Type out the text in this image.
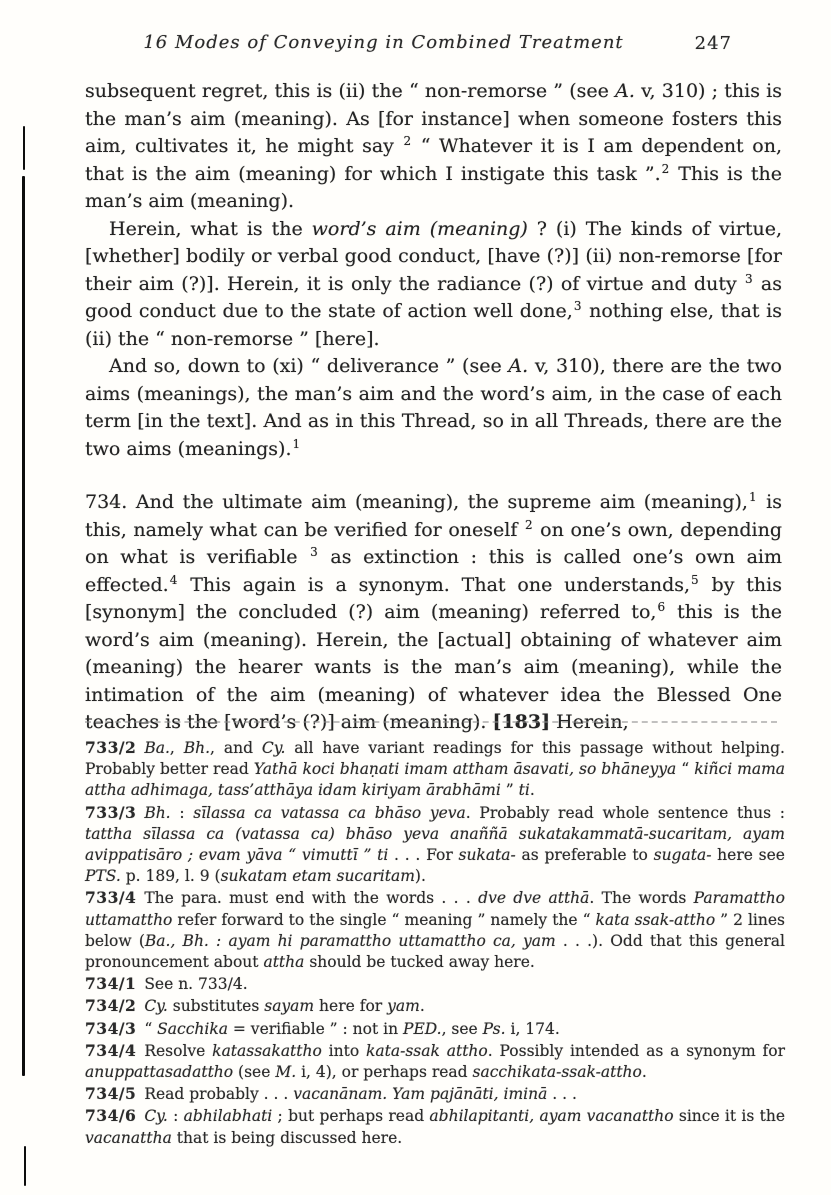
16 Modes of Conveying in Combined Treatment	247

subsequent regret, this is (ii) the “ non-remorse ” (see A. v, 310) ; this is the man’s aim (meaning). As [for instance] when someone fosters this aim, cultivates it, he might say $^2$ “ Whatever it is I am dependent on, that is the aim (meaning) for which I instigate this task ”.$^2$ This is the man’s aim (meaning).

Herein, what is the word’s aim (meaning) ? (i) The kinds of virtue, [whether] bodily or verbal good conduct, [have (?)] (ii) non-remorse [for their aim (?)]. Herein, it is only the radiance (?) of virtue and duty $^3$ as good conduct due to the state of action well done,$^3$ nothing else, that is (ii) the “ non-remorse ” [here].

And so, down to (xi) “ deliverance ” (see A. v, 310), there are the two aims (meanings), the man’s aim and the word’s aim, in the case of each term [in the text]. And as in this Thread, so in all Threads, there are the two aims (meanings).$^1$

734. And the ultimate aim (meaning), the supreme aim (meaning),$^1$ is this, namely what can be verified for oneself $^2$ on one’s own, depending on what is verifiable $^3$ as extinction : this is called one’s own aim effected.$^4$ This again is a synonym. That one understands,$^5$ by this [synonym] the concluded (?) aim (meaning) referred to,$^6$ this is the word’s aim (meaning). Herein, the [actual] obtaining of whatever aim (meaning) the hearer wants is the man’s aim (meaning), while the intimation of the aim (meaning) of whatever idea the Blessed One teaches is the [word’s (?)] aim (meaning). [183] Herein,

733/2 Ba., Bh., and Cy. all have variant readings for this passage without helping. Probably better read Yathā koci bhaṇati imam attham āsavati, so bhāneyya “ kiñci mama attha adhimaga, tass’atthāya idam kiriyam ārabhāmi ” ti.

733/3 Bh. : sīlassa ca vatassa ca bhāso yeva. Probably read whole sentence thus : tattha sīlassa ca (vatassa ca) bhāso yeva anaññā sukatakammatā-sucaritam, ayam avippatisāro ; evam yāva “ vimuttī ” ti . . . For sukata- as preferable to sugata- here see PTS. p. 189, l. 9 (sukatam etam sucaritam).

733/4 The para. must end with the words . . . dve dve atthā. The words Paramattho uttamattho refer forward to the single “ meaning ” namely the “ kata ssak-attho ” 2 lines below (Ba., Bh. : ayam hi paramattho uttamattho ca, yam . . .). Odd that this general pronouncement about attha should be tucked away here.

734/1 See n. 733/4.

734/2 Cy. substitutes sayam here for yam.

734/3 “ Sacchika = verifiable ” : not in PED., see Ps. i, 174.

734/4 Resolve katassakattho into kata-ssak attho. Possibly intended as a synonym for anuppattasadattho (see M. i, 4), or perhaps read sacchikata-ssak-attho.

734/5 Read probably . . . vacanānam. Yam pajānāti, iminā . . .

734/6 Cy. : abhilabhati ; but perhaps read abhilapitanti, ayam vacanattho since it is the vacanattha that is being discussed here.
